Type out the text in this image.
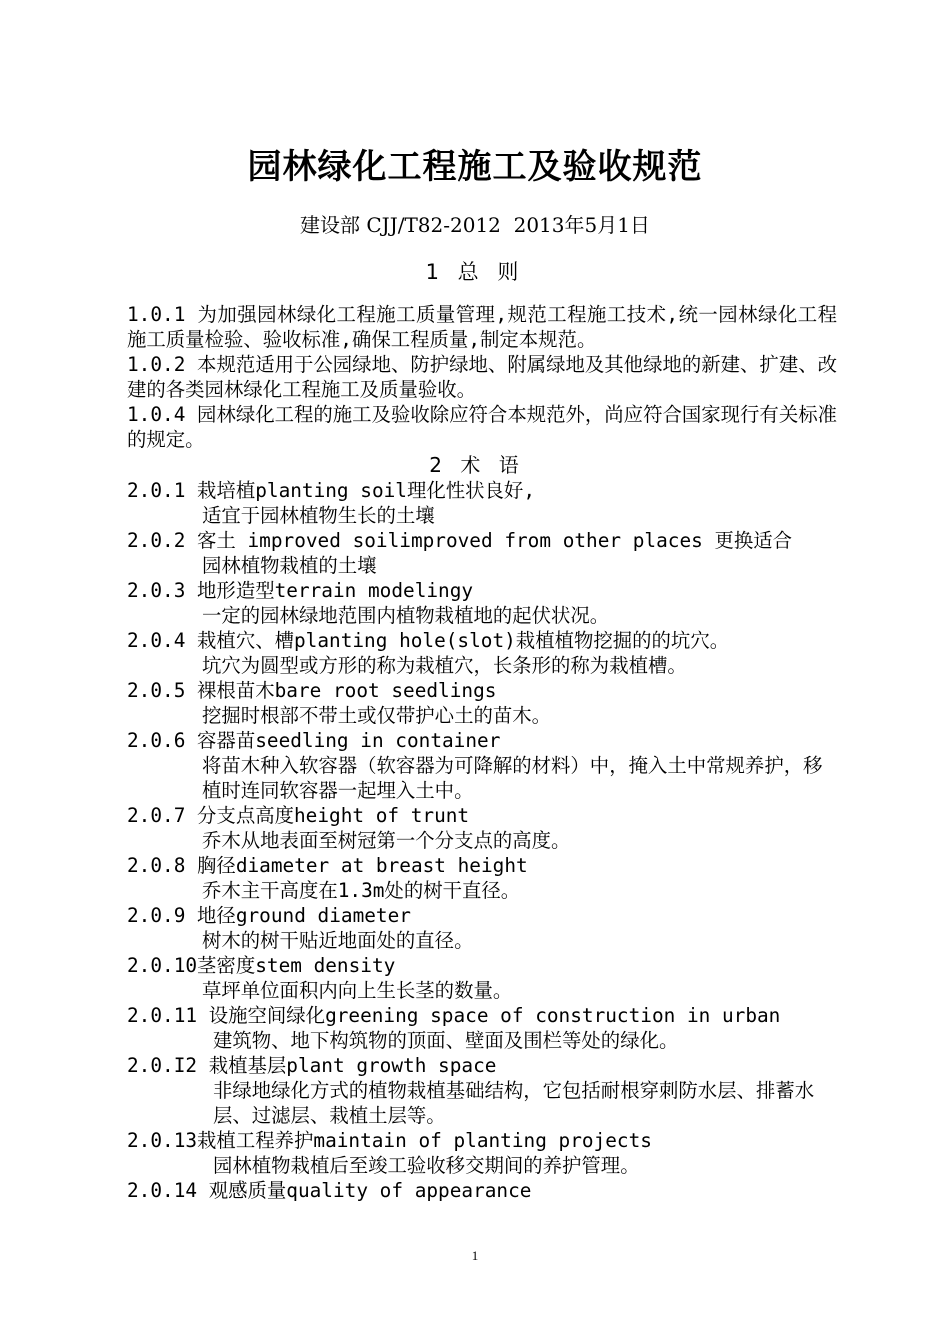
园林绿化工程施工及验收规范
建设部 CJJ/T82-2012  2013年5月1日
1 总 则

1.0.1 为加强园林绿化工程施工质量管理,规范工程施工技术,统一园林绿化工程施工质量检验、验收标准,确保工程质量,制定本规范。

1.0.2 本规范适用于公园绿地、防护绿地、附属绿地及其他绿地的新建、扩建、改建的各类园林绿化工程施工及质量验收。

1.0.4 园林绿化工程的施工及验收除应符合本规范外，尚应符合国家现行有关标准的规定。

2 术 语
2.0.1 栽培植planting soil理化性状良好,
适宜于园林植物生长的土壤
2.0.2 客土 improved soilimproved from other places 更换适合
园林植物栽植的土壤
2.0.3 地形造型terrain modelingy
一定的园林绿地范围内植物栽植地的起伏状况。
2.0.4 栽植穴、槽planting hole(slot)栽植植物挖掘的的坑穴。
坑穴为圆型或方形的称为栽植穴，长条形的称为栽植槽。
2.0.5 裸根苗木bare root seedlings
挖掘时根部不带土或仅带护心土的苗木。
2.0.6 容器苗seedling in container
将苗木种入软容器（软容器为可降解的材料）中，掩入土中常规养护，移植时连同软容器一起埋入土中。
2.0.7 分支点高度height of trunt
乔木从地表面至树冠第一个分支点的高度。
2.0.8 胸径diameter at breast height
乔木主干高度在1.3m处的树干直径。
2.0.9 地径ground diameter
树木的树干贴近地面处的直径。
2.0.10茎密度stem density
草坪单位面积内向上生长茎的数量。
2.0.11 设施空间绿化greening space of construction in urban
建筑物、地下构筑物的顶面、壁面及围栏等处的绿化。
2.0.I2 栽植基层plant growth space
非绿地绿化方式的植物栽植基础结构，它包括耐根穿刺防水层、排蓄水层、过滤层、栽植土层等。
2.0.13栽植工程养护maintain of planting projects
园林植物栽植后至竣工验收移交期间的养护管理。
2.0.14 观感质量quality of appearance
1
